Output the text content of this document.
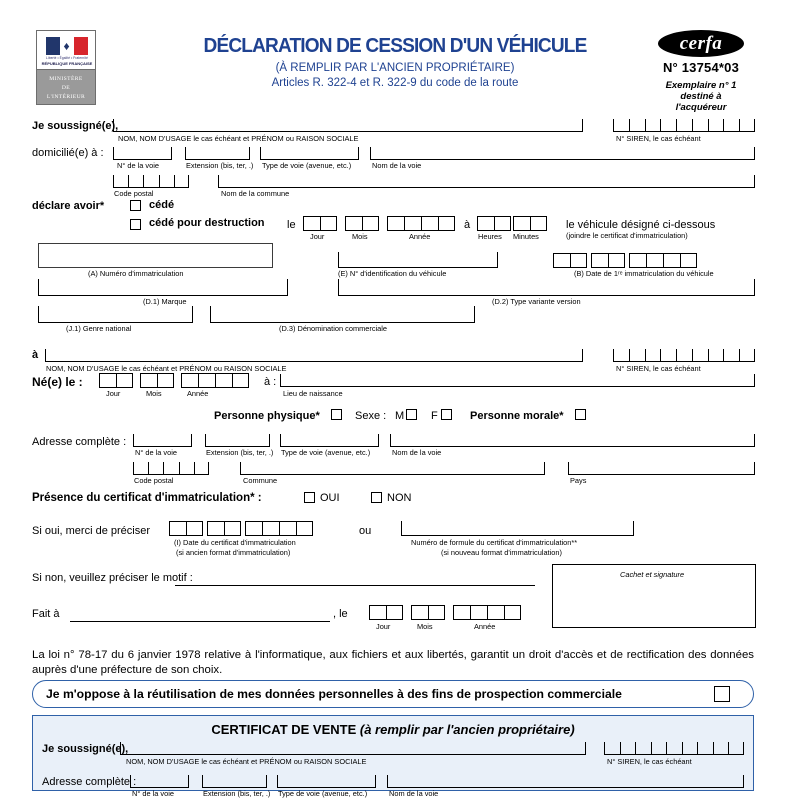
♦
Liberté • Égalité • Fraternité
RÉPUBLIQUE FRANÇAISE
MINISTÈRE
DE
L'INTÉRIEUR
DÉCLARATION DE CESSION D'UN VÉHICULE
(À REMPLIR PAR L'ANCIEN PROPRIÉTAIRE)
Articles R. 322-4 et R. 322-9 du code de la route
cerfa
N° 13754*03
Exemplaire n° 1
destiné à
l'acquéreur
Je soussigné(e),
NOM, NOM D'USAGE le cas échéant et PRÉNOM ou RAISON SOCIALE	N° SIREN, le cas échéant
domicilié(e) à :
N° de la voie	Extension (bis, ter, .) Type de voie (avenue, etc.)	Nom de la voie
Code postal	Nom de la commune
déclare avoir*	cédé
cédé pour destruction le
Jour	Mois	Année
à
Heures Minutes
le véhicule désigné ci-dessous
(joindre le certificat d'immatriculation)
(A) Numéro d'immatriculation	(E) N° d'identification du véhicule	(B) Date de 1ʳᵉ immatriculation du véhicule
(D.1) Marque	(D.2) Type variante version
(J.1) Genre national	(D.3) Dénomination commerciale
à
NOM, NOM D'USAGE le cas échéant et PRÉNOM ou RAISON SOCIALE	N° SIREN, le cas échéant
Né(e) le :
Jour	Mois	Année
à :
Lieu de naissance
Personne physique*	Sexe : M F	Personne morale*
Adresse complète :
N° de la voie	Extension (bis, ter, .) Type de voie (avenue, etc.)	Nom de la voie
Code postal	Commune	Pays
Présence du certificat d'immatriculation* :	OUI	NON
Si oui, merci de préciser
(I) Date du certificat d'immatriculation
(si ancien format d'immatriculation)
ou
Numéro de formule du certificat d'immatriculation**
(si nouveau format d'immatriculation)
Si non, veuillez préciser le motif :	Cachet et signature
Fait à	, le
Jour	Mois	Année
La loi n° 78-17 du 6 janvier 1978 relative à l'informatique, aux fichiers et aux libertés, garantit un droit d'accès et de rectification des données auprès d'une préfecture de son choix.
Je m'oppose à la réutilisation de mes données personnelles à des fins de prospection commerciale
CERTIFICAT DE VENTE (à remplir par l'ancien propriétaire)
Je soussigné(e),
NOM, NOM D'USAGE le cas échéant et PRÉNOM ou RAISON SOCIALE	N° SIREN, le cas échéant
Adresse complète :
N° de la voie	Extension (bis, ter, .) Type de voie (avenue, etc.)	Nom de la voie
